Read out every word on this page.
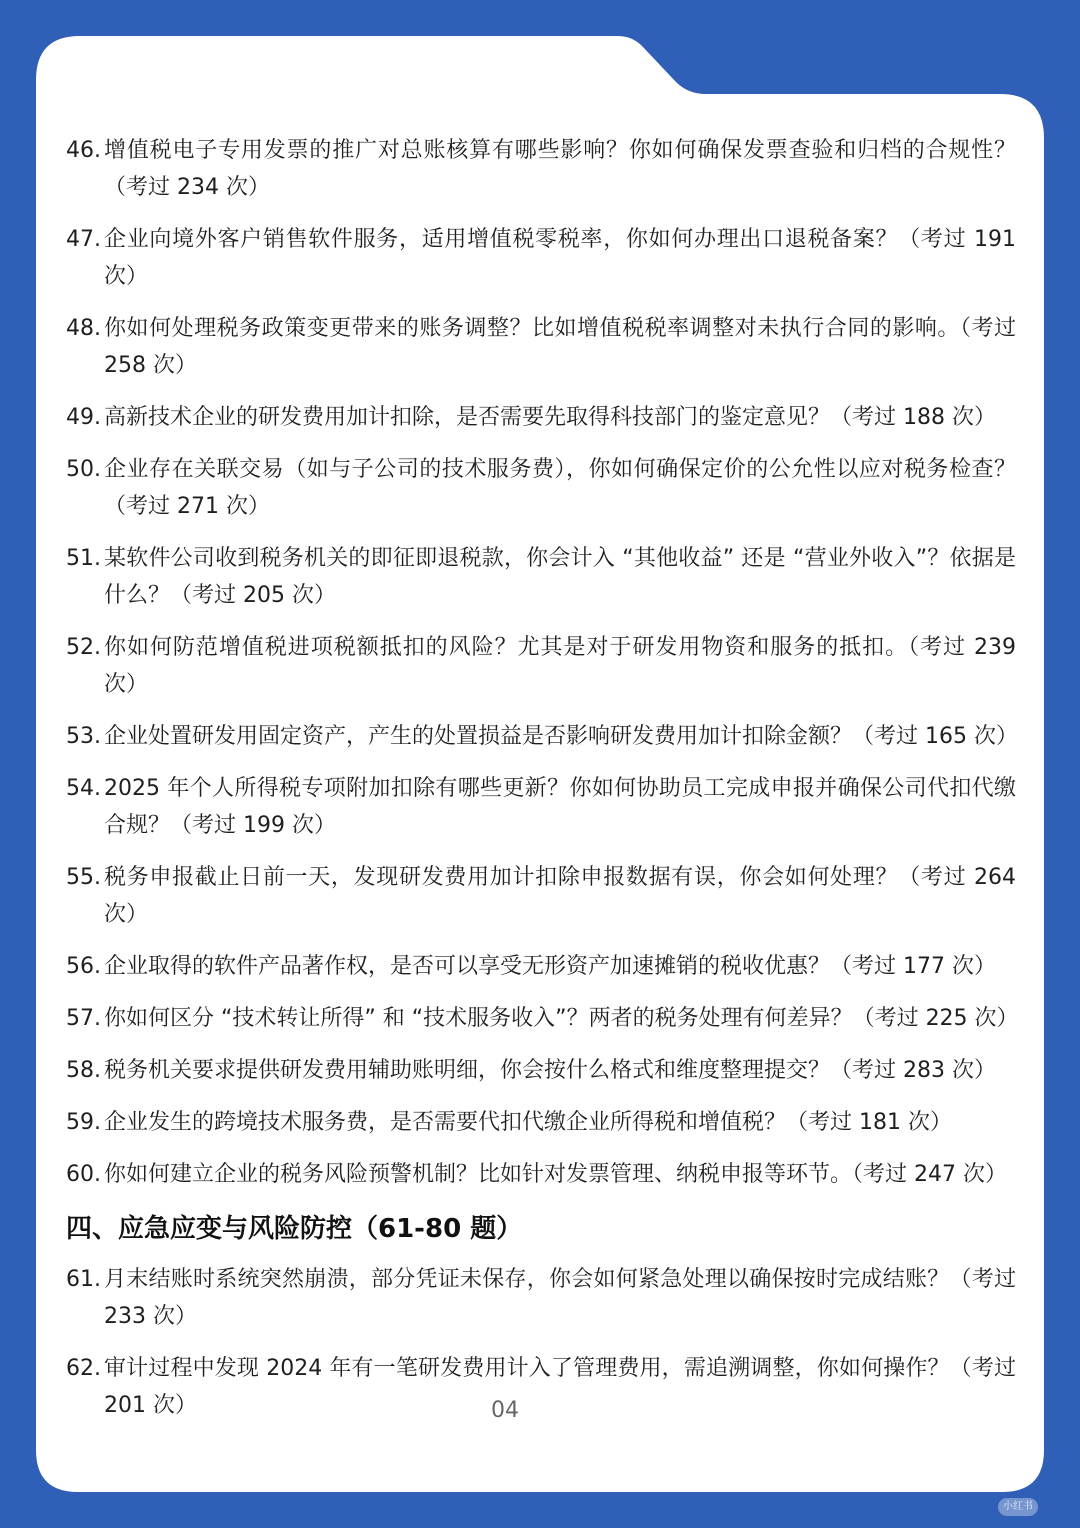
46. 增值税电子专用发票的推广对总账核算有哪些影响？你如何确保发票查验和归档的合规性？（考过 234 次）
47. 企业向境外客户销售软件服务，适用增值税零税率，你如何办理出口退税备案？（考过 191 次）
48. 你如何处理税务政策变更带来的账务调整？比如增值税税率调整对未执行合同的影响。（考过 258 次）
49. 高新技术企业的研发费用加计扣除，是否需要先取得科技部门的鉴定意见？（考过 188 次）
50. 企业存在关联交易（如与子公司的技术服务费），你如何确保定价的公允性以应对税务检查？（考过 271 次）
51. 某软件公司收到税务机关的即征即退税款，你会计入 “其他收益” 还是 “营业外收入”？依据是什么？（考过 205 次）
52. 你如何防范增值税进项税额抵扣的风险？尤其是对于研发用物资和服务的抵扣。（考过 239 次）
53. 企业处置研发用固定资产，产生的处置损益是否影响研发费用加计扣除金额？（考过 165 次）
54. 2025 年个人所得税专项附加扣除有哪些更新？你如何协助员工完成申报并确保公司代扣代缴合规？（考过 199 次）
55. 税务申报截止日前一天，发现研发费用加计扣除申报数据有误，你会如何处理？（考过 264 次）
56. 企业取得的软件产品著作权，是否可以享受无形资产加速摊销的税收优惠？（考过 177 次）
57. 你如何区分 “技术转让所得” 和 “技术服务收入”？两者的税务处理有何差异？（考过 225 次）
58. 税务机关要求提供研发费用辅助账明细，你会按什么格式和维度整理提交？（考过 283 次）
59. 企业发生的跨境技术服务费，是否需要代扣代缴企业所得税和增值税？（考过 181 次）
60. 你如何建立企业的税务风险预警机制？比如针对发票管理、纳税申报等环节。（考过 247 次）
四、应急应变与风险防控（61-80 题）
61. 月末结账时系统突然崩溃，部分凭证未保存，你会如何紧急处理以确保按时完成结账？（考过 233 次）
62. 审计过程中发现 2024 年有一笔研发费用计入了管理费用，需追溯调整，你如何操作？（考过 201 次）	04
小红书
